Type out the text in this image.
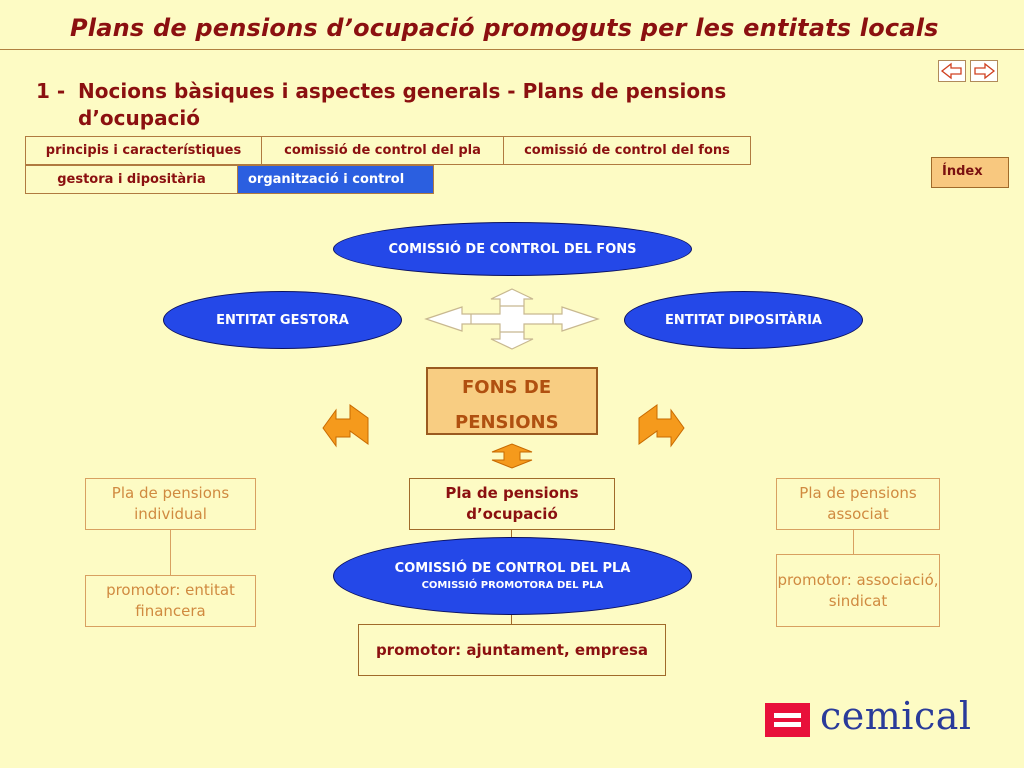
Plans de pensions d’ocupació promoguts per les entitats locals
1 - Nocions bàsiques i aspectes generals - Plans de pensions
d’ocupació
principis i característiques	comissió de control del pla	comissió de control del fons
gestora i dipositària	organització i control
Índex
COMISSIÓ DE CONTROL DEL FONS
ENTITAT GESTORA	ENTITAT DIPOSITÀRIA
FONS DE
PENSIONS
Pla de pensions individual
promotor: entitat financera
Pla de pensions d’ocupació
COMISSIÓ DE CONTROL DEL PLA
COMISSIÓ PROMOTORA DEL PLA
promotor: ajuntament, empresa
Pla de pensions associat
promotor: associació, sindicat
cemical
